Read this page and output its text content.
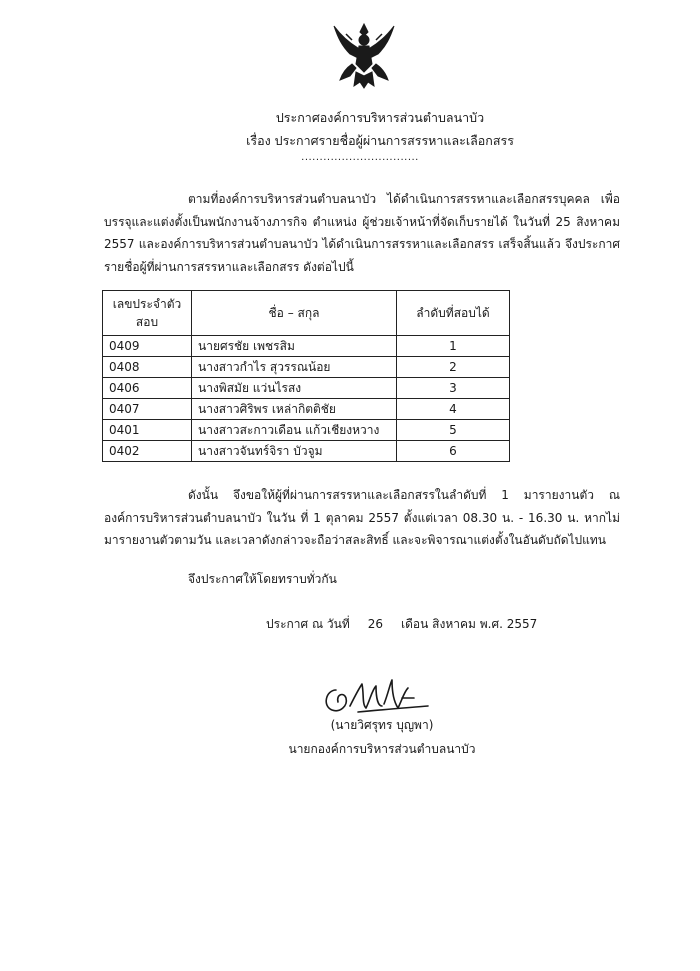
ประกาศองค์การบริหารส่วนตำบลนาบัว
เรื่อง ประกาศรายชื่อผู้ผ่านการสรรหาและเลือกสรร
................................
ตามที่องค์การบริหารส่วนตำบลนาบัว ได้ดำเนินการสรรหาและเลือกสรรบุคคล เพื่อบรรจุและแต่งตั้งเป็นพนักงานจ้างภารกิจ ตำแหน่ง ผู้ช่วยเจ้าหน้าที่จัดเก็บรายได้ ในวันที่ 25 สิงหาคม 2557 และองค์การบริหารส่วนตำบลนาบัว ได้ดำเนินการสรรหาและเลือกสรร เสร็จสิ้นแล้ว จึงประกาศรายชื่อผู้ที่ผ่านการสรรหาและเลือกสรร ดังต่อไปนี้
เลขประจำตัวสอบ	ชื่อ – สกุล	ลำดับที่สอบได้
0409	นายศรชัย เพชรสิม	1
0408	นางสาวกำไร สุวรรณน้อย	2
0406	นางพิสมัย แว่นไรสง	3
0407	นางสาวศิริพร เหล่ากิตติชัย	4
0401	นางสาวสะกาวเดือน แก้วเชียงหวาง	5
0402	นางสาวจันทร์จิรา บัวจูม	6
ดังนั้น จึงขอให้ผู้ที่ผ่านการสรรหาและเลือกสรรในลำดับที่ 1 มารายงานตัว ณ องค์การบริหารส่วนตำบลนาบัว ในวัน ที่ 1 ตุลาคม 2557 ตั้งแต่เวลา 08.30 น. - 16.30 น. หากไม่มารายงานตัวตามวัน และเวลาดังกล่าวจะถือว่าสละสิทธิ์ และจะพิจารณาแต่งตั้งในอันดับถัดไปแทน
จึงประกาศให้โดยทราบทั่วกัน
ประกาศ ณ วันที่ 26 เดือน สิงหาคม พ.ศ. 2557
(นายวิศรุทร บุญพา)
นายกองค์การบริหารส่วนตำบลนาบัว
